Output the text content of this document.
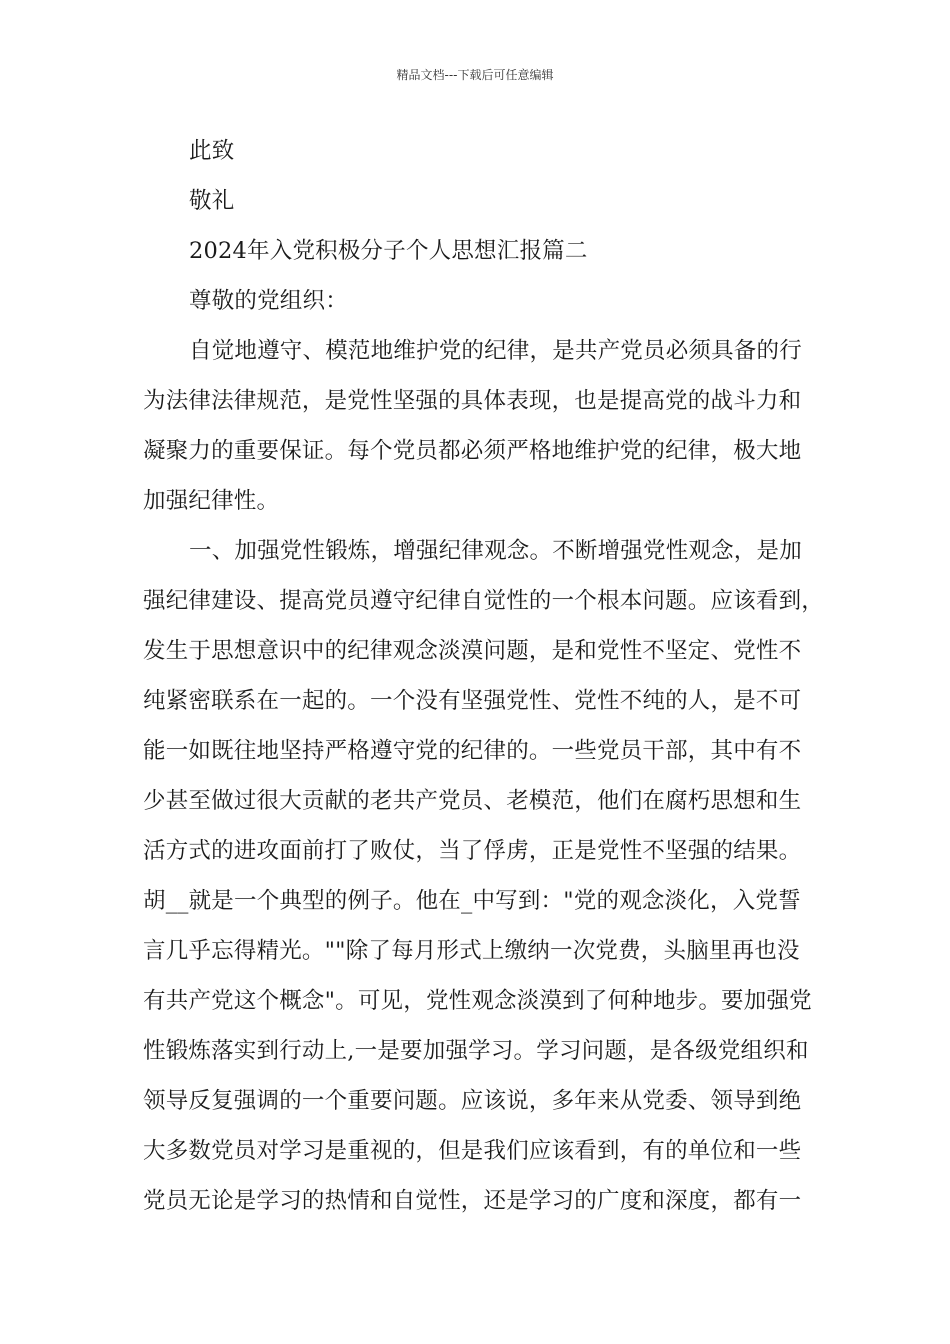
精品文档---下载后可任意编辑
此致
敬礼
2024年入党积极分子个人思想汇报篇二
尊敬的党组织：
自觉地遵守、模范地维护党的纪律，是共产党员必须具备的行
为法律法律规范，是党性坚强的具体表现，也是提高党的战斗力和
凝聚力的重要保证。每个党员都必须严格地维护党的纪律，极大地
加强纪律性。
一、加强党性锻炼，增强纪律观念。不断增强党性观念，是加
强纪律建设、提高党员遵守纪律自觉性的一个根本问题。应该看到，
发生于思想意识中的纪律观念淡漠问题，是和党性不坚定、党性不
纯紧密联系在一起的。一个没有坚强党性、党性不纯的人，是不可
能一如既往地坚持严格遵守党的纪律的。一些党员干部，其中有不
少甚至做过很大贡献的老共产党员、老模范，他们在腐朽思想和生
活方式的进攻面前打了败仗，当了俘虏，正是党性不坚强的结果。
胡__就是一个典型的例子。他在_中写到："党的观念淡化，入党誓
言几乎忘得精光。""除了每月形式上缴纳一次党费，头脑里再也没
有共产党这个概念"。可见，党性观念淡漠到了何种地步。要加强党
性锻炼落实到行动上,一是要加强学习。学习问题，是各级党组织和
领导反复强调的一个重要问题。应该说，多年来从党委、领导到绝
大多数党员对学习是重视的，但是我们应该看到，有的单位和一些
党员无论是学习的热情和自觉性，还是学习的广度和深度，都有一
